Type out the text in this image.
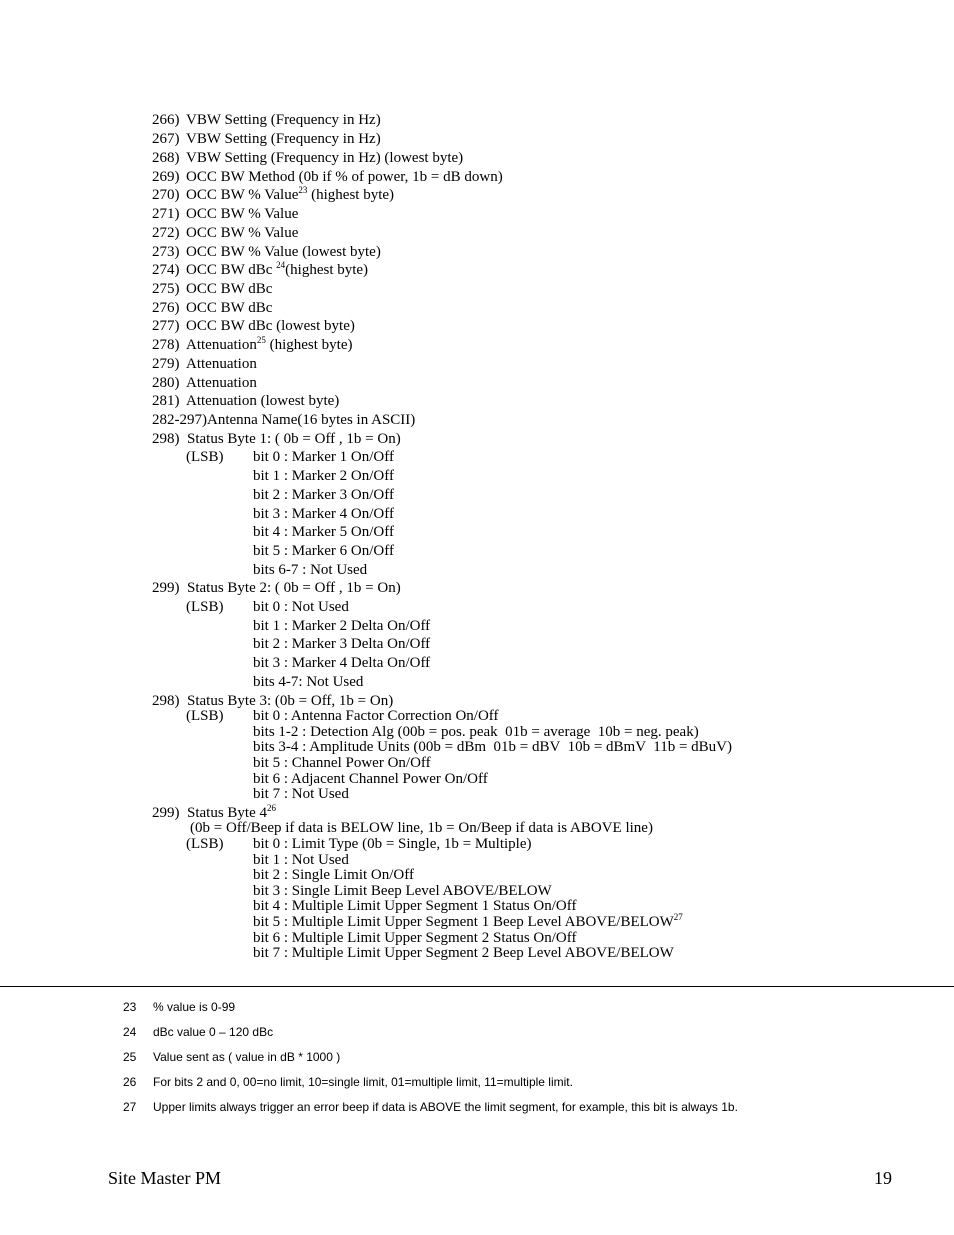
266) VBW Setting (Frequency in Hz)
267) VBW Setting (Frequency in Hz)
268) VBW Setting (Frequency in Hz) (lowest byte)
269) OCC BW Method (0b if % of power, 1b = dB down)
270) OCC BW % Value$^{23}$ (highest byte)
271) OCC BW % Value
272) OCC BW % Value
273) OCC BW % Value (lowest byte)
274) OCC BW dBc $^{24}$(highest byte)
275) OCC BW dBc
276) OCC BW dBc
277) OCC BW dBc (lowest byte)
278) Attenuation$^{25}$ (highest byte)
279) Attenuation
280) Attenuation
281) Attenuation (lowest byte)
282-297)Antenna Name(16 bytes in ASCII)
298)  Status Byte 1: ( 0b = Off , 1b = On)
(LSB) bit 0 : Marker 1 On/Off
bit 1 : Marker 2 On/Off
bit 2 : Marker 3 On/Off
bit 3 : Marker 4 On/Off
bit 4 : Marker 5 On/Off
bit 5 : Marker 6 On/Off
bits 6-7 : Not Used
299)  Status Byte 2: ( 0b = Off , 1b = On)
(LSB) bit 0 : Not Used
bit 1 : Marker 2 Delta On/Off
bit 2 : Marker 3 Delta On/Off
bit 3 : Marker 4 Delta On/Off
bits 4-7: Not Used
298)  Status Byte 3: (0b = Off, 1b = On)
(LSB) bit 0 : Antenna Factor Correction On/Off
bits 1-2 : Detection Alg (00b = pos. peak  01b = average  10b = neg. peak)
bits 3-4 : Amplitude Units (00b = dBm  01b = dBV  10b = dBmV  11b = dBuV)
bit 5 : Channel Power On/Off
bit 6 : Adjacent Channel Power On/Off
bit 7 : Not Used
299)  Status Byte $4^{26}$
(0b = Off/Beep if data is BELOW line, 1b = On/Beep if data is ABOVE line)
(LSB) bit 0 : Limit Type (0b = Single, 1b = Multiple)
bit 1 : Not Used
bit 2 : Single Limit On/Off
bit 3 : Single Limit Beep Level ABOVE/BELOW
bit 4 : Multiple Limit Upper Segment 1 Status On/Off
bit 5 : Multiple Limit Upper Segment 1 Beep Level ABOVE/BELOW$^{27}$
bit 6 : Multiple Limit Upper Segment 2 Status On/Off
bit 7 : Multiple Limit Upper Segment 2 Beep Level ABOVE/BELOW
23 % value is 0-99
24 dBc value 0 – 120 dBc
25 Value sent as ( value in dB * 1000 )
26 For bits 2 and 0, 00=no limit, 10=single limit, 01=multiple limit, 11=multiple limit.
27 Upper limits always trigger an error beep if data is ABOVE the limit segment, for example, this bit is always 1b.
Site Master PM	19
